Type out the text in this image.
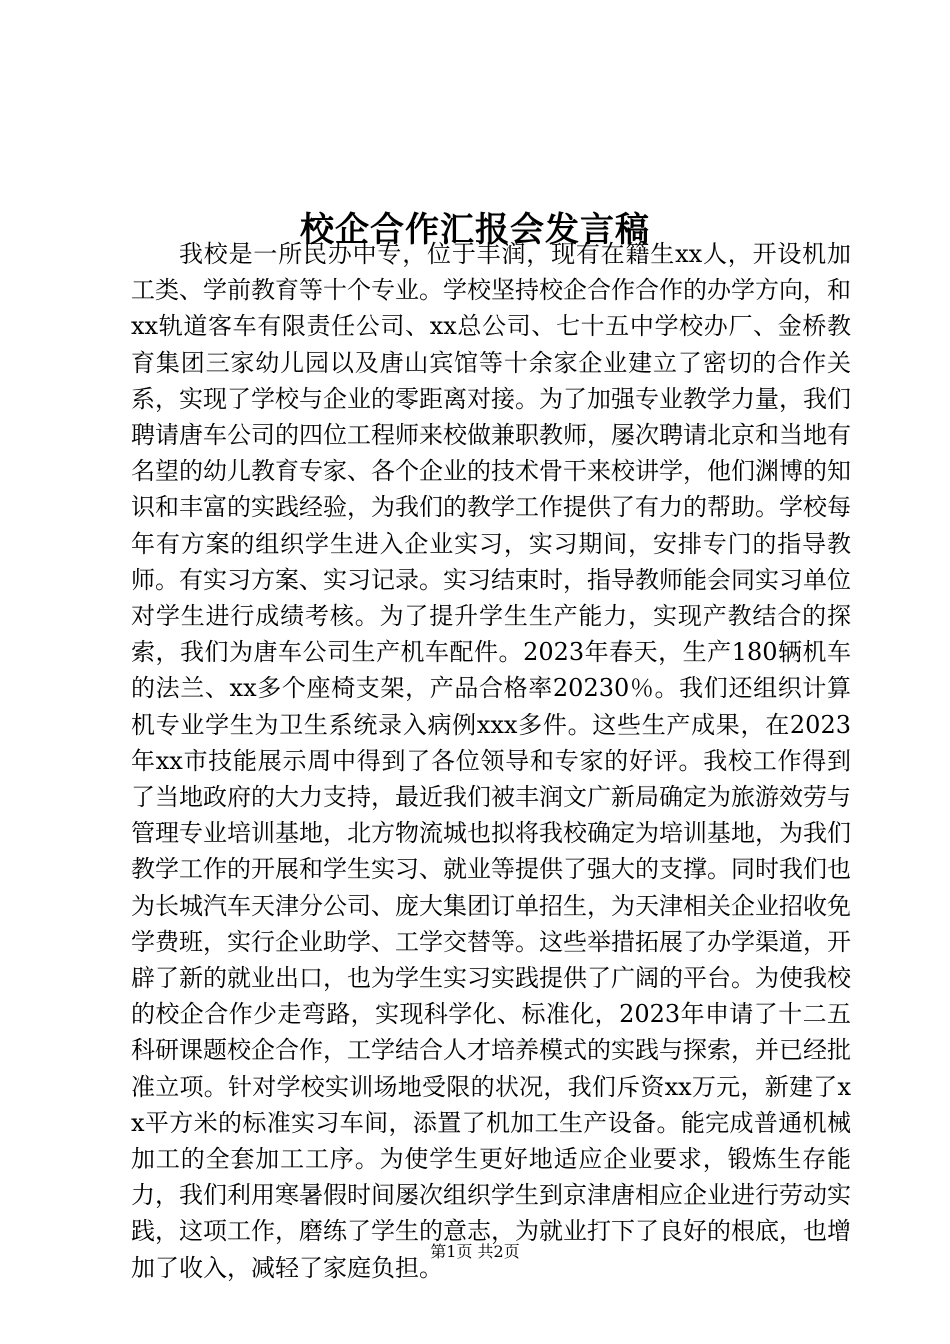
校企合作汇报会发言稿

我校是一所民办中专，位于丰润，现有在籍生xx人，开设机加工类、学前教育等十个专业。学校坚持校企合作合作的办学方向，和xx轨道客车有限责任公司、xx总公司、七十五中学校办厂、金桥教育集团三家幼儿园以及唐山宾馆等十余家企业建立了密切的合作关系，实现了学校与企业的零距离对接。为了加强专业教学力量，我们聘请唐车公司的四位工程师来校做兼职教师，屡次聘请北京和当地有名望的幼儿教育专家、各个企业的技术骨干来校讲学，他们渊博的知识和丰富的实践经验，为我们的教学工作提供了有力的帮助。学校每年有方案的组织学生进入企业实习，实习期间，安排专门的指导教师。有实习方案、实习记录。实习结束时，指导教师能会同实习单位对学生进行成绩考核。为了提升学生生产能力，实现产教结合的探索，我们为唐车公司生产机车配件。2023年春天，生产180辆机车的法兰、xx多个座椅支架，产品合格率20230％。我们还组织计算机专业学生为卫生系统录入病例xxx多件。这些生产成果，在2023年xx市技能展示周中得到了各位领导和专家的好评。我校工作得到了当地政府的大力支持，最近我们被丰润文广新局确定为旅游效劳与管理专业培训基地，北方物流城也拟将我校确定为培训基地，为我们教学工作的开展和学生实习、就业等提供了强大的支撑。同时我们也为长城汽车天津分公司、庞大集团订单招生，为天津相关企业招收免学费班，实行企业助学、工学交替等。这些举措拓展了办学渠道，开辟了新的就业出口，也为学生实习实践提供了广阔的平台。为使我校的校企合作少走弯路，实现科学化、标准化，2023年申请了十二五科研课题校企合作，工学结合人才培养模式的实践与探索，并已经批准立项。针对学校实训场地受限的状况，我们斥资xx万元，新建了xx平方米的标准实习车间，添置了机加工生产设备。能完成普通机械加工的全套加工工序。为使学生更好地适应企业要求，锻炼生存能力，我们利用寒暑假时间屡次组织学生到京津唐相应企业进行劳动实践，这项工作，磨练了学生的意志，为就业打下了良好的根底，也增加了收入，减轻了家庭负担。

第1页 共2页
